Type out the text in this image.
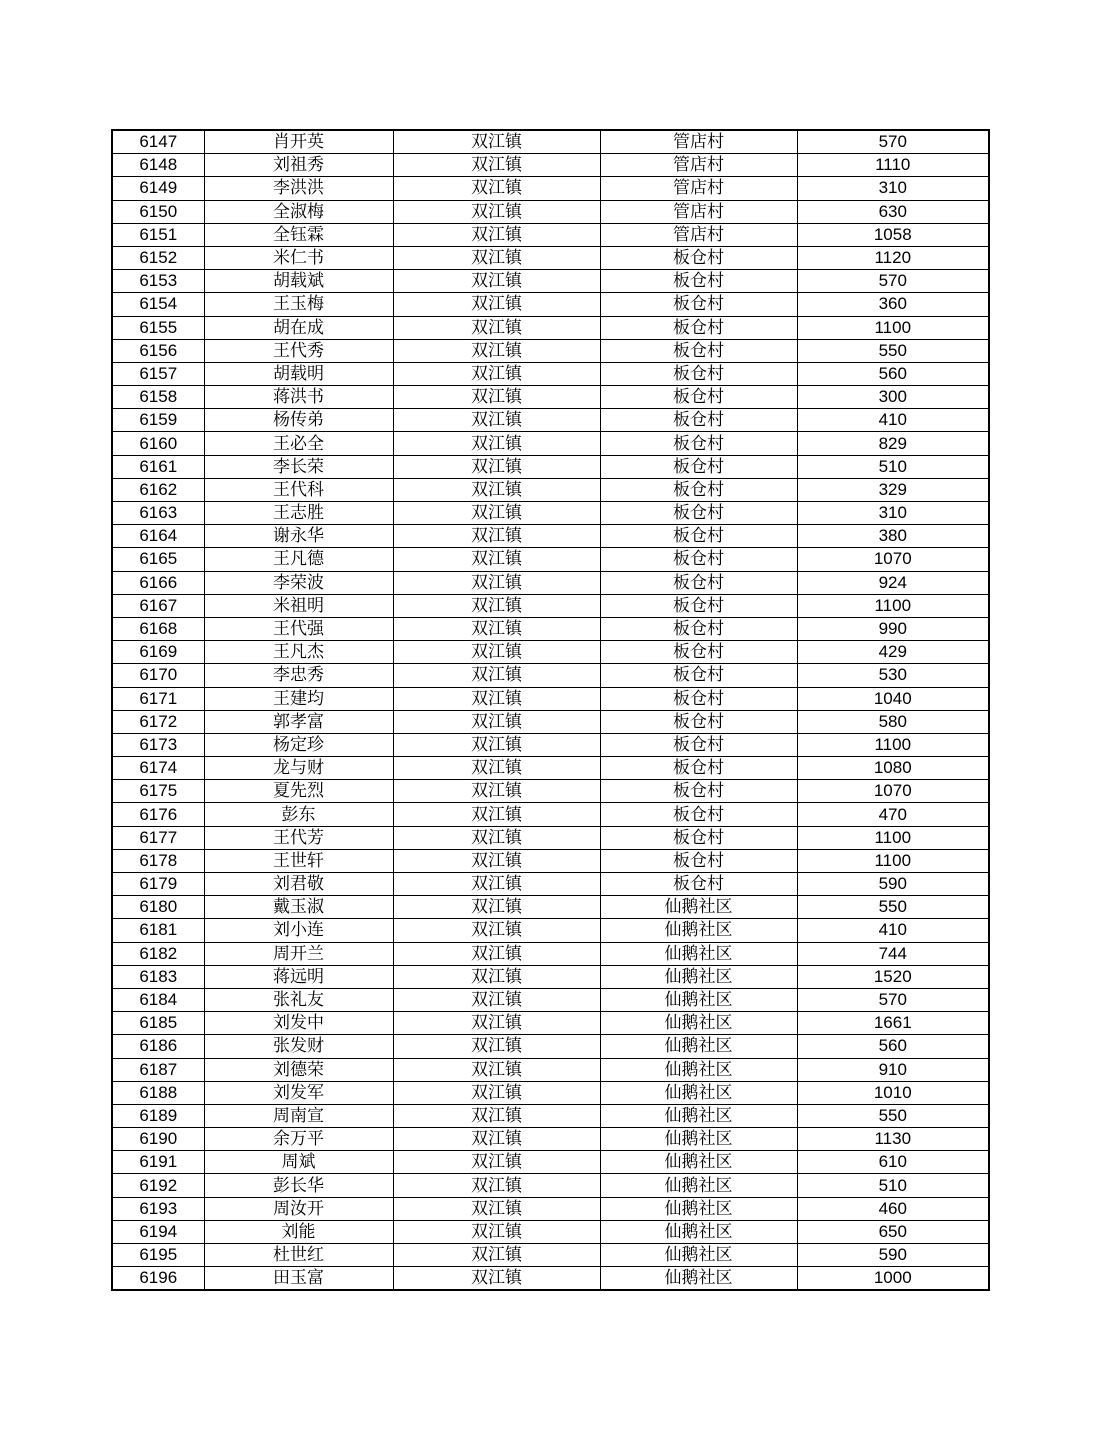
6147	肖开英	双江镇	管店村	570
6148	刘祖秀	双江镇	管店村	1110
6149	李洪洪	双江镇	管店村	310
6150	全淑梅	双江镇	管店村	630
6151	全钰霖	双江镇	管店村	1058
6152	米仁书	双江镇	板仓村	1120
6153	胡载斌	双江镇	板仓村	570
6154	王玉梅	双江镇	板仓村	360
6155	胡在成	双江镇	板仓村	1100
6156	王代秀	双江镇	板仓村	550
6157	胡载明	双江镇	板仓村	560
6158	蒋洪书	双江镇	板仓村	300
6159	杨传弟	双江镇	板仓村	410
6160	王必全	双江镇	板仓村	829
6161	李长荣	双江镇	板仓村	510
6162	王代科	双江镇	板仓村	329
6163	王志胜	双江镇	板仓村	310
6164	谢永华	双江镇	板仓村	380
6165	王凡德	双江镇	板仓村	1070
6166	李荣波	双江镇	板仓村	924
6167	米祖明	双江镇	板仓村	1100
6168	王代强	双江镇	板仓村	990
6169	王凡杰	双江镇	板仓村	429
6170	李忠秀	双江镇	板仓村	530
6171	王建均	双江镇	板仓村	1040
6172	郭孝富	双江镇	板仓村	580
6173	杨定珍	双江镇	板仓村	1100
6174	龙与财	双江镇	板仓村	1080
6175	夏先烈	双江镇	板仓村	1070
6176	彭东	双江镇	板仓村	470
6177	王代芳	双江镇	板仓村	1100
6178	王世轩	双江镇	板仓村	1100
6179	刘君敬	双江镇	板仓村	590
6180	戴玉淑	双江镇	仙鹅社区	550
6181	刘小连	双江镇	仙鹅社区	410
6182	周开兰	双江镇	仙鹅社区	744
6183	蒋远明	双江镇	仙鹅社区	1520
6184	张礼友	双江镇	仙鹅社区	570
6185	刘发中	双江镇	仙鹅社区	1661
6186	张发财	双江镇	仙鹅社区	560
6187	刘德荣	双江镇	仙鹅社区	910
6188	刘发军	双江镇	仙鹅社区	1010
6189	周南宣	双江镇	仙鹅社区	550
6190	余万平	双江镇	仙鹅社区	1130
6191	周斌	双江镇	仙鹅社区	610
6192	彭长华	双江镇	仙鹅社区	510
6193	周汝开	双江镇	仙鹅社区	460
6194	刘能	双江镇	仙鹅社区	650
6195	杜世红	双江镇	仙鹅社区	590
6196	田玉富	双江镇	仙鹅社区	1000
